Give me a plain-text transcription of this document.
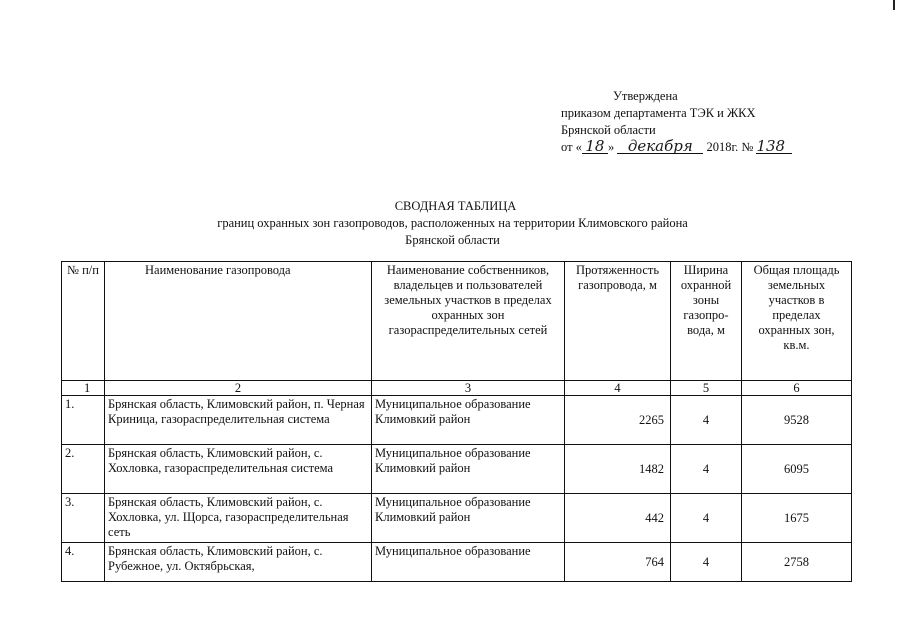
Утверждена
приказом департамента ТЭК и ЖКХ
Брянской области
от « 18 » декабря 2018г. № 138
СВОДНАЯ ТАБЛИЦА
границ охранных зон газопроводов, расположенных на территории Климовского района
Брянской области
№ п/п	Наименование газопровода	Наименование собственников, владельцев и пользователей земельных участков в пределах охранных зон газораспределительных сетей	Протяженность газопровода, м	Ширина охранной зоны газопро-вода, м	Общая площадь земельных участков в пределах охранных зон, кв.м.
1	2	3	4	5	6
1.	Брянская область, Климовский район, п. Черная Криница, газораспределительная система	Муниципальное образование Климовкий район	2265	4	9528
2.	Брянская область, Климовский район, с. Хохловка, газораспределительная система	Муниципальное образование Климовкий район	1482	4	6095
3.	Брянская область, Климовский район, с. Хохловка, ул. Щорса, газораспределительная сеть	Муниципальное образование Климовкий район	442	4	1675
4.	Брянская область, Климовский район, с. Рубежное, ул. Октябрьская,	Муниципальное образование	764	4	2758
